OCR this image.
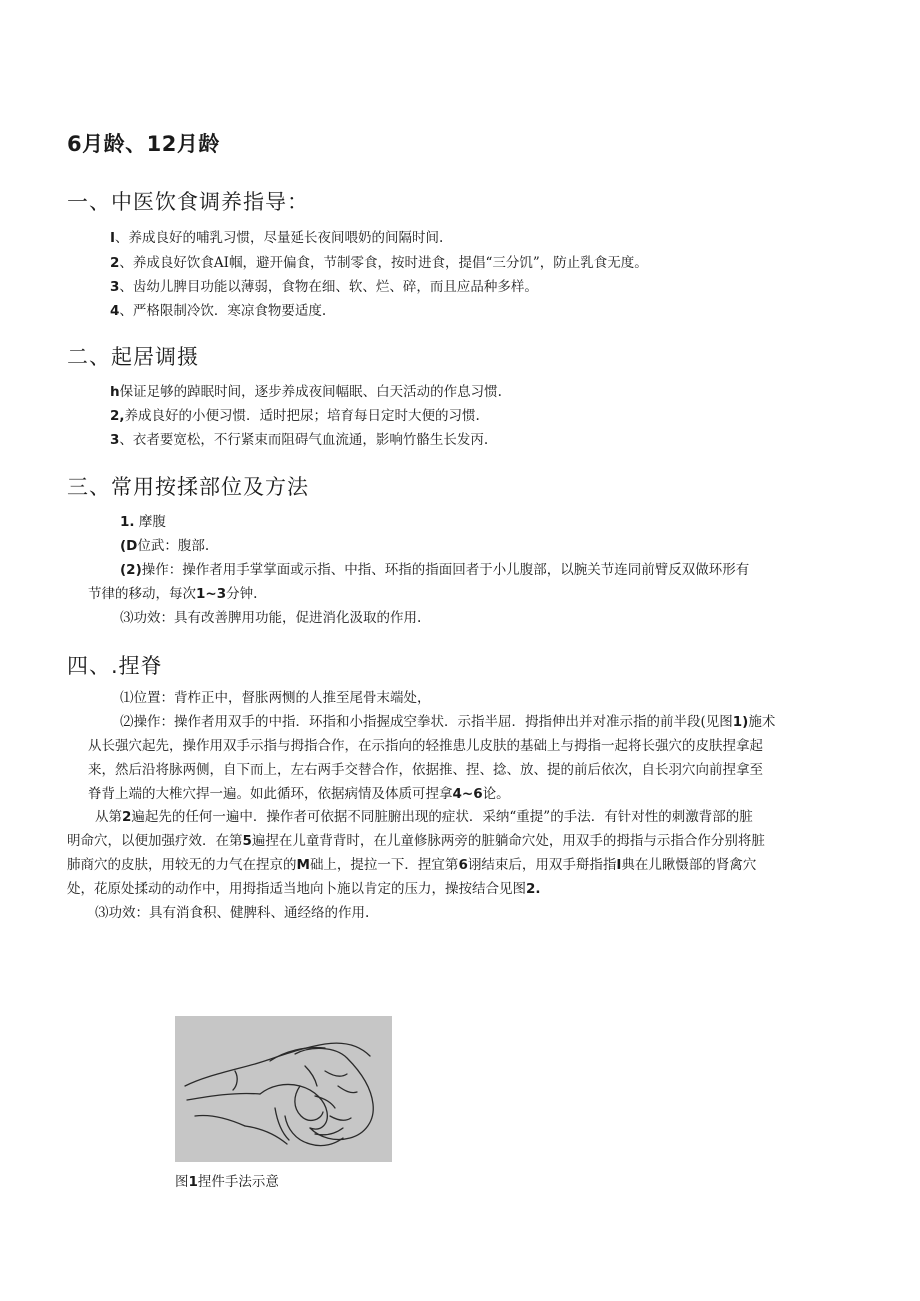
6月龄、12月龄
一、中医饮食调养指导：
I、养成良好的哺乳习惯，尽量延长夜间喂奶的间隔时间.
2、养成良好饮食AI帼，避开偏食，节制零食，按时进食，提倡“三分饥”，防止乳食无度。
3、齿幼儿脾目功能以薄弱，食物在细、软、烂、碎，而且应品种多样。
4、严格限制冷饮．寒凉食物要适度.
二、起居调摄
h保证足够的踔眠时间，逐步养成夜间幅眠、白天活动的作息习惯.
2,养成良好的小便习惯．适时把尿；培育每日定时大便的习惯.
3、衣者要宽松，不行紧束而阻碍气血流通，影响竹骼生长发丙.
三、常用按揉部位及方法
1. 摩腹
(D位武：腹部.
(2)操作：操作者用手掌掌面或示指、中指、环指的指面回者于小儿腹部，以腕关节连同前臂反双做环形有
节律的移动，每次1~3分钟.
⑶功效：具有改善脾用功能，促进消化汲取的作用.
四、.捏脊
⑴位置：背柞正中，督胀两恻的人推至尾骨末端处，
⑵操作：操作者用双手的中指．环指和小指握成空拳状．示指半屈．拇指伸出并对准示指的前半段(见图1)施术
从长强穴起先，操作用双手示指与拇指合作，在示指向的轻推患儿皮肤的基础上与拇指一起将长强穴的皮肤捏拿起
来，然后沿将脉两侧，自下而上，左右两手交替合作，依据推、捏、捻、放、提的前后依次，自长羽穴向前捏拿至
脊背上端的大椎穴捍一遍。如此循环，依据病情及体质可捏拿4~6论。
从第2遍起先的任何一遍中．操作者可依据不同脏腑出现的症状．采纳“重提”的手法．有针对性的刺激背部的脏
明命穴，以便加强疗效．在第5遍捏在儿童背背时，在儿童修脉两旁的脏躺命穴处，用双手的拇指与示指合作分别将脏
肺商穴的皮肤，用较无的力气在捏京的M础上，提拉一下．捏宜第6诩结束后，用双手搿指指I典在儿瞅慑部的肾禽穴
处，花原处揉动的动作中，用拇指适当地向卜施以肯定的压力，操按结合见图2.
⑶功效：具有消食积、健脾科、通经络的作用.
图1捏件手法示意
